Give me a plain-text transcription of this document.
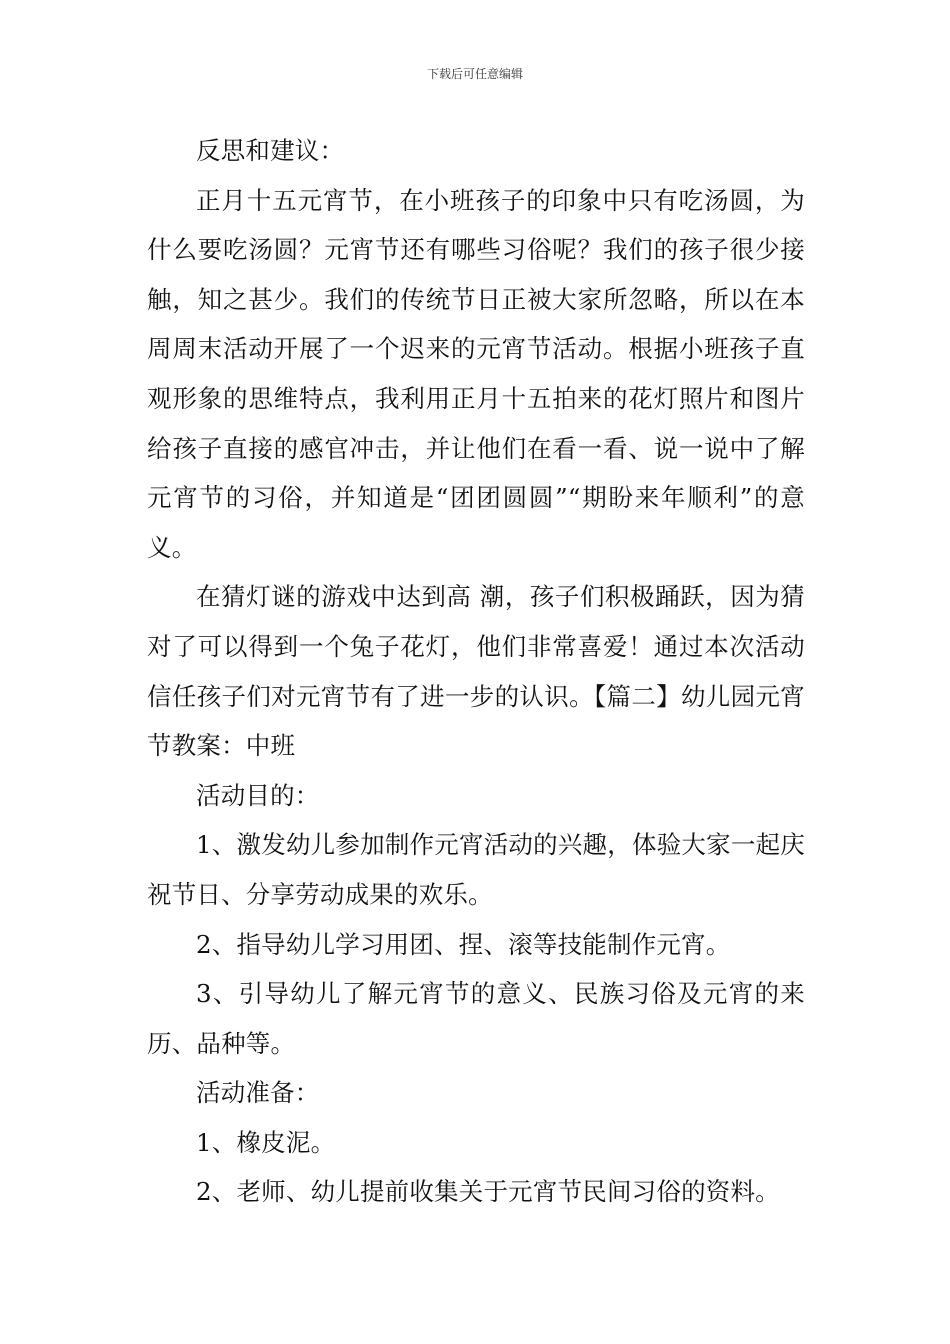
下载后可任意编辑

反思和建议：

正月十五元宵节，在小班孩子的印象中只有吃汤圆，为什么要吃汤圆？元宵节还有哪些习俗呢？我们的孩子很少接触，知之甚少。我们的传统节日正被大家所忽略，所以在本周周末活动开展了一个迟来的元宵节活动。根据小班孩子直观形象的思维特点，我利用正月十五拍来的花灯照片和图片给孩子直接的感官冲击，并让他们在看一看、说一说中了解元宵节的习俗，并知道是“团团圆圆”“期盼来年顺利”的意义。

在猜灯谜的游戏中达到高 潮，孩子们积极踊跃，因为猜对了可以得到一个兔子花灯，他们非常喜爱！通过本次活动信任孩子们对元宵节有了进一步的认识。【篇二】幼儿园元宵节教案：中班

活动目的：

1、激发幼儿参加制作元宵活动的兴趣，体验大家一起庆祝节日、分享劳动成果的欢乐。

2、指导幼儿学习用团、捏、滚等技能制作元宵。

3、引导幼儿了解元宵节的意义、民族习俗及元宵的来历、品种等。

活动准备：

1、橡皮泥。

2、老师、幼儿提前收集关于元宵节民间习俗的资料。
